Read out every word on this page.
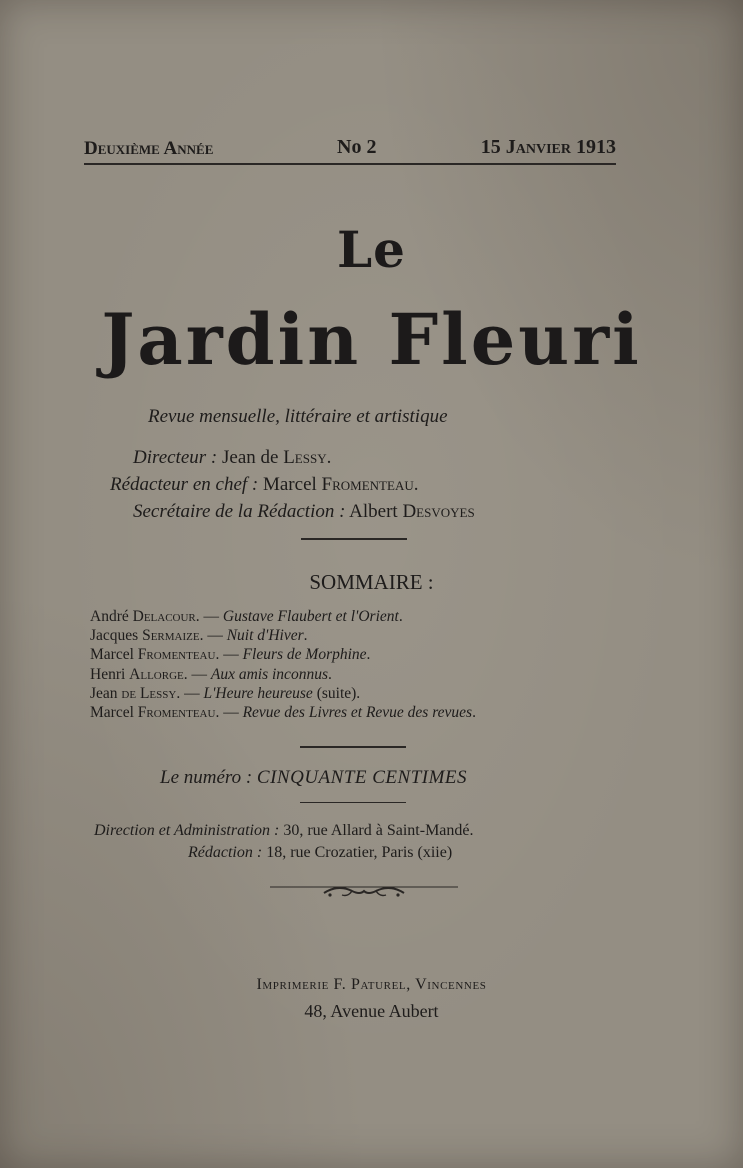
Deuxième Année	No 2	15 Janvier 1913
Le
Jardin Fleuri
Revue mensuelle, littéraire et artistique
Directeur : Jean de Lessy.
Rédacteur en chef : Marcel Fromenteau.
Secrétaire de la Rédaction : Albert Desvoyes
SOMMAIRE :
André Delacour. — Gustave Flaubert et l'Orient.
Jacques Sermaize. — Nuit d'Hiver.
Marcel Fromenteau. — Fleurs de Morphine.
Henri Allorge. — Aux amis inconnus.
Jean de Lessy. — L'Heure heureuse (suite).
Marcel Fromenteau. — Revue des Livres et Revue des revues.
Le numéro : CINQUANTE CENTIMES
Direction et Administration : 30, rue Allard à Saint-Mandé.
Rédaction : 18, rue Crozatier, Paris (xiie)
Imprimerie F. Paturel, Vincennes
48, Avenue Aubert
